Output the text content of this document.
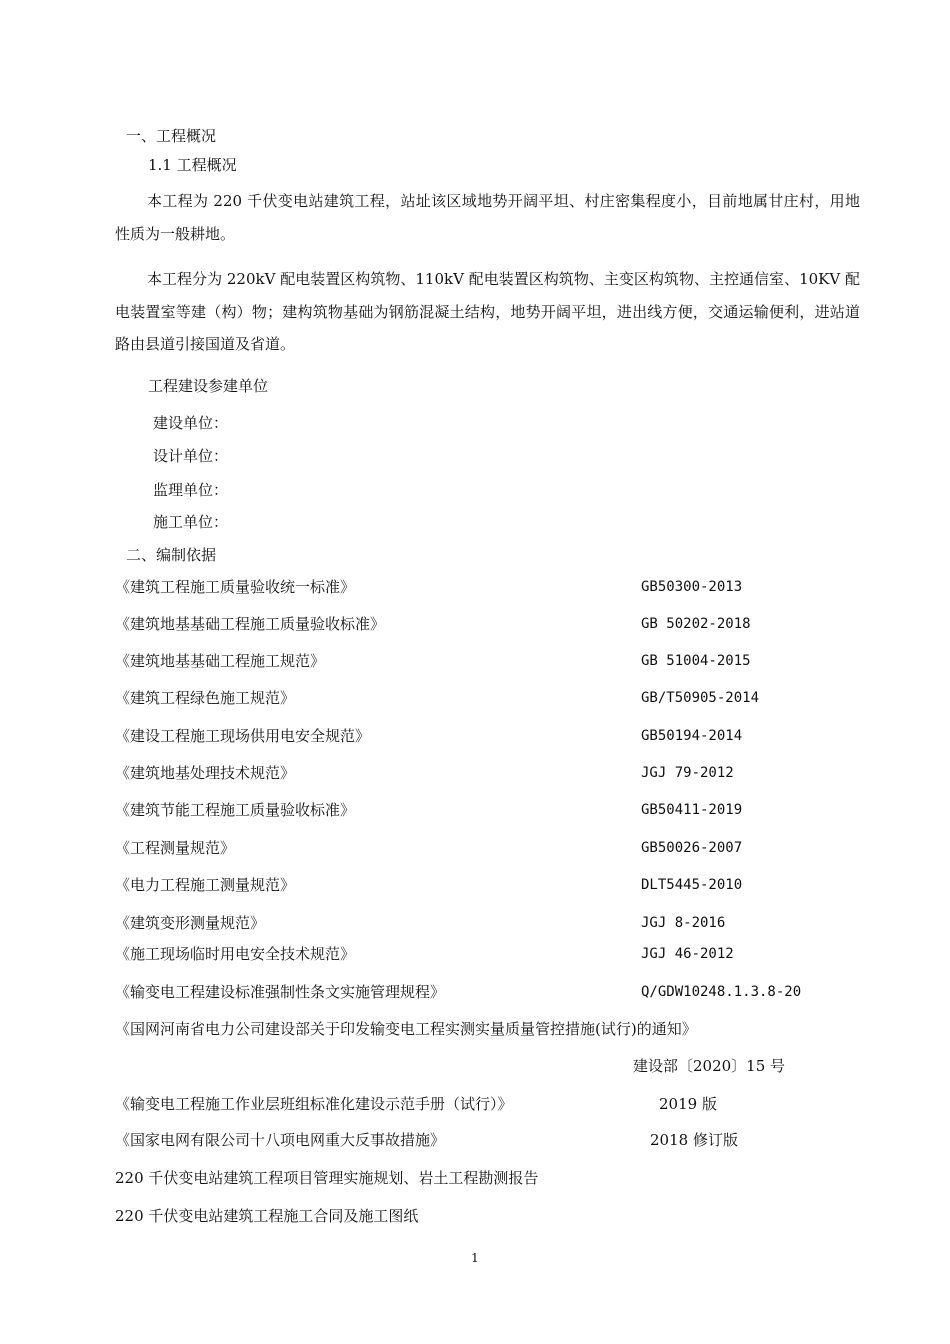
一、工程概况
1.1 工程概况
本工程为 220 千伏变电站建筑工程，站址该区域地势开阔平坦、村庄密集程度小，目前地属甘庄村，用地性质为一般耕地。
本工程分为 220kV 配电装置区构筑物、110kV 配电装置区构筑物、主变区构筑物、主控通信室、10KV 配电装置室等建（构）物；建构筑物基础为钢筋混凝土结构，地势开阔平坦，进出线方便，交通运输便利，进站道路由县道引接国道及省道。
工程建设参建单位
建设单位：
设计单位：
监理单位：
施工单位：
二、编制依据
《建筑工程施工质量验收统一标准》	GB50300-2013
《建筑地基基础工程施工质量验收标准》	GB 50202-2018
《建筑地基基础工程施工规范》	GB 51004-2015
《建筑工程绿色施工规范》	GB/T50905-2014
《建设工程施工现场供用电安全规范》	GB50194-2014
《建筑地基处理技术规范》	JGJ 79-2012
《建筑节能工程施工质量验收标准》	GB50411-2019
《工程测量规范》	GB50026-2007
《电力工程施工测量规范》	DLT5445-2010
《建筑变形测量规范》	JGJ 8-2016
《施工现场临时用电安全技术规范》	JGJ 46-2012
《输变电工程建设标准强制性条文实施管理规程》	Q/GDW10248.1.3.8-20
《国网河南省电力公司建设部关于印发输变电工程实测实量质量管控措施(试行)的通知》
建设部〔2020〕15 号
《输变电工程施工作业层班组标准化建设示范手册（试行）》	2019 版
《国家电网有限公司十八项电网重大反事故措施》	2018 修订版
220 千伏变电站建筑工程项目管理实施规划、岩土工程勘测报告
220 千伏变电站建筑工程施工合同及施工图纸
1
